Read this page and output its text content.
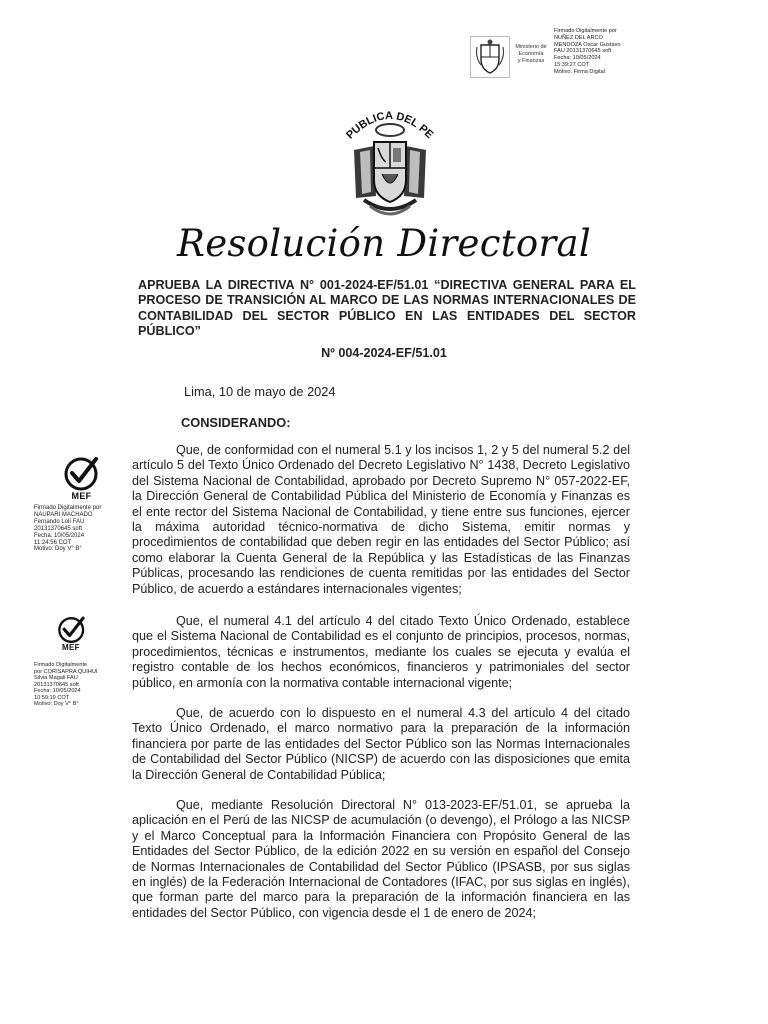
Ministerio de
Economía
y Finanzas
Firmado Digitalmente por
NUÑEZ DEL ARCO
MENDOZA Oscar Gustavo
FAU 20131370645 soft
Fecha: 10/05/2024
15:39:27 COT
Motivo: Firma Digital
PUBLICA DEL PE
Resolución Directoral
APRUEBA LA DIRECTIVA N° 001-2024-EF/51.01 “DIRECTIVA GENERAL PARA EL PROCESO DE TRANSICIÓN AL MARCO DE LAS NORMAS INTERNACIONALES DE CONTABILIDAD DEL SECTOR PÚBLICO EN LAS ENTIDADES DEL SECTOR PÚBLICO”
Nº 004-2024-EF/51.01
Lima, 10 de mayo de 2024
CONSIDERANDO:
Que, de conformidad con el numeral 5.1 y los incisos 1, 2 y 5 del numeral 5.2 del artículo 5 del Texto Único Ordenado del Decreto Legislativo N° 1438, Decreto Legislativo del Sistema Nacional de Contabilidad, aprobado por Decreto Supremo N° 057-2022-EF, la Dirección General de Contabilidad Pública del Ministerio de Economía y Finanzas es el ente rector del Sistema Nacional de Contabilidad, y tiene entre sus funciones, ejercer la máxima autoridad técnico-normativa de dicho Sistema, emitir normas y procedimientos de contabilidad que deben regir en las entidades del Sector Público; así como elaborar la Cuenta General de la República y las Estadísticas de las Finanzas Públicas, procesando las rendiciones de cuenta remitidas por las entidades del Sector Público, de acuerdo a estándares internacionales vigentes;
Que, el numeral 4.1 del artículo 4 del citado Texto Único Ordenado, establece que el Sistema Nacional de Contabilidad es el conjunto de principios, procesos, normas, procedimientos, técnicas e instrumentos, mediante los cuales se ejecuta y evalúa el registro contable de los hechos económicos, financieros y patrimoniales del sector público, en armonía con la normativa contable internacional vigente;
Que, de acuerdo con lo dispuesto en el numeral 4.3 del artículo 4 del citado Texto Único Ordenado, el marco normativo para la preparación de la información financiera por parte de las entidades del Sector Público son las Normas Internacionales de Contabilidad del Sector Público (NICSP) de acuerdo con las disposiciones que emita la Dirección General de Contabilidad Pública;
Que, mediante Resolución Directoral N° 013-2023-EF/51.01, se aprueba la aplicación en el Perú de las NICSP de acumulación (o devengo), el Prólogo a las NICSP y el Marco Conceptual para la Información Financiera con Propósito General de las Entidades del Sector Público, de la edición 2022 en su versión en español del Consejo de Normas Internacionales de Contabilidad del Sector Público (IPSASB, por sus siglas en inglés) de la Federación Internacional de Contadores (IFAC, por sus siglas en inglés), que forman parte del marco para la preparación de la información financiera en las entidades del Sector Público, con vigencia desde el 1 de enero de 2024;
MEF
Firmado Digitalmente por
NAUPARI MACHADO
Fernando Lolí FAU
20131370645 soft
Fecha: 10/05/2024
11:24:56 COT
Motivo: Doy V° B°
MEF
Firmado Digitalmente
por CORISAPRA QUIHUI
Silvia Magali FAU
20131370645 soft
Fecha: 10/05/2024
10:59:19 COT
Motivo: Doy V° B°
